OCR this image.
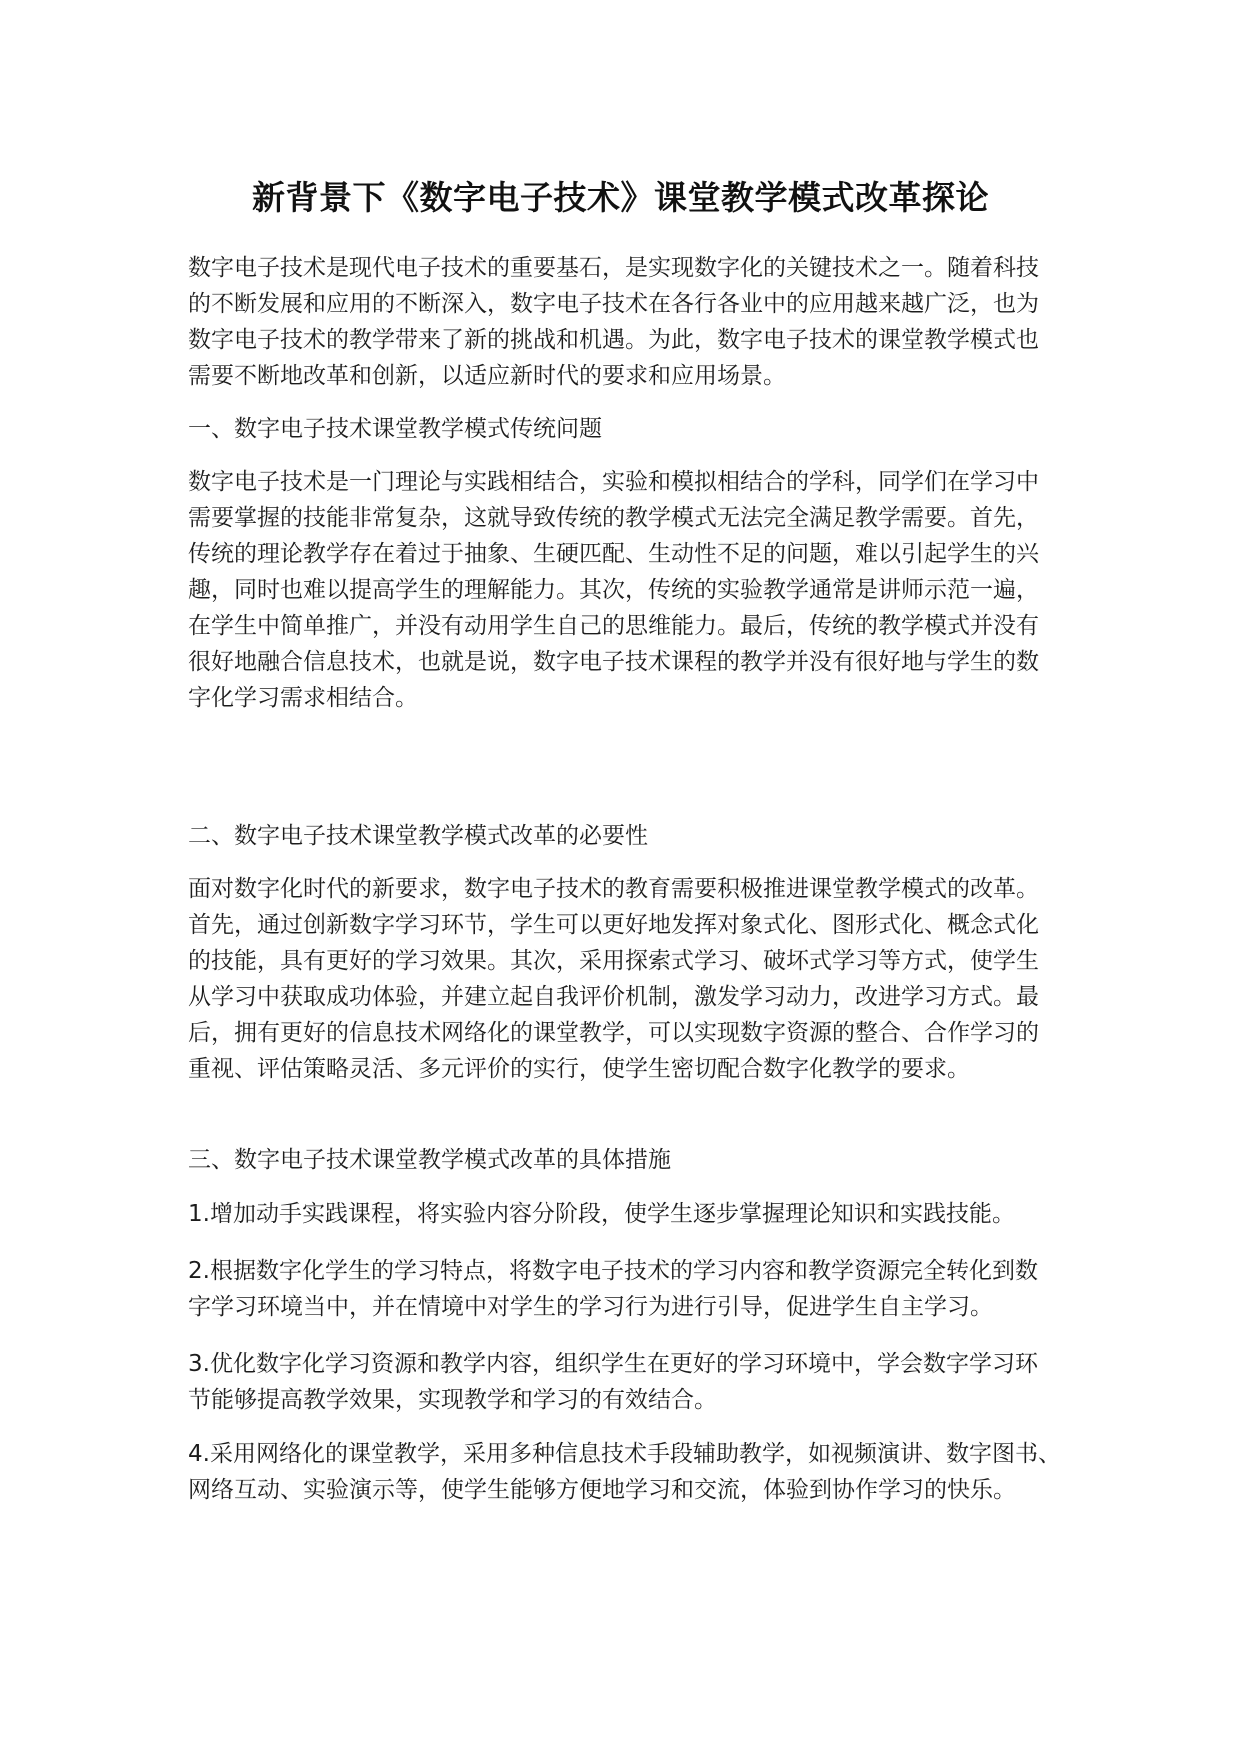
新背景下《数字电子技术》课堂教学模式改革探论

数字电子技术是现代电子技术的重要基石，是实现数字化的关键技术之一。随着科技
的不断发展和应用的不断深入，数字电子技术在各行各业中的应用越来越广泛，也为
数字电子技术的教学带来了新的挑战和机遇。为此，数字电子技术的课堂教学模式也
需要不断地改革和创新，以适应新时代的要求和应用场景。

一、数字电子技术课堂教学模式传统问题

数字电子技术是一门理论与实践相结合，实验和模拟相结合的学科，同学们在学习中
需要掌握的技能非常复杂，这就导致传统的教学模式无法完全满足教学需要。首先，
传统的理论教学存在着过于抽象、生硬匹配、生动性不足的问题，难以引起学生的兴
趣，同时也难以提高学生的理解能力。其次，传统的实验教学通常是讲师示范一遍，
在学生中简单推广，并没有动用学生自己的思维能力。最后，传统的教学模式并没有
很好地融合信息技术，也就是说，数字电子技术课程的教学并没有很好地与学生的数
字化学习需求相结合。

二、数字电子技术课堂教学模式改革的必要性

面对数字化时代的新要求，数字电子技术的教育需要积极推进课堂教学模式的改革。
首先，通过创新数字学习环节，学生可以更好地发挥对象式化、图形式化、概念式化
的技能，具有更好的学习效果。其次，采用探索式学习、破坏式学习等方式，使学生
从学习中获取成功体验，并建立起自我评价机制，激发学习动力，改进学习方式。最
后，拥有更好的信息技术网络化的课堂教学，可以实现数字资源的整合、合作学习的
重视、评估策略灵活、多元评价的实行，使学生密切配合数字化教学的要求。

三、数字电子技术课堂教学模式改革的具体措施

1.增加动手实践课程，将实验内容分阶段，使学生逐步掌握理论知识和实践技能。

2.根据数字化学生的学习特点，将数字电子技术的学习内容和教学资源完全转化到数
字学习环境当中，并在情境中对学生的学习行为进行引导，促进学生自主学习。

3.优化数字化学习资源和教学内容，组织学生在更好的学习环境中，学会数字学习环
节能够提高教学效果，实现教学和学习的有效结合。

4.采用网络化的课堂教学，采用多种信息技术手段辅助教学，如视频演讲、数字图书、
网络互动、实验演示等，使学生能够方便地学习和交流，体验到协作学习的快乐。
